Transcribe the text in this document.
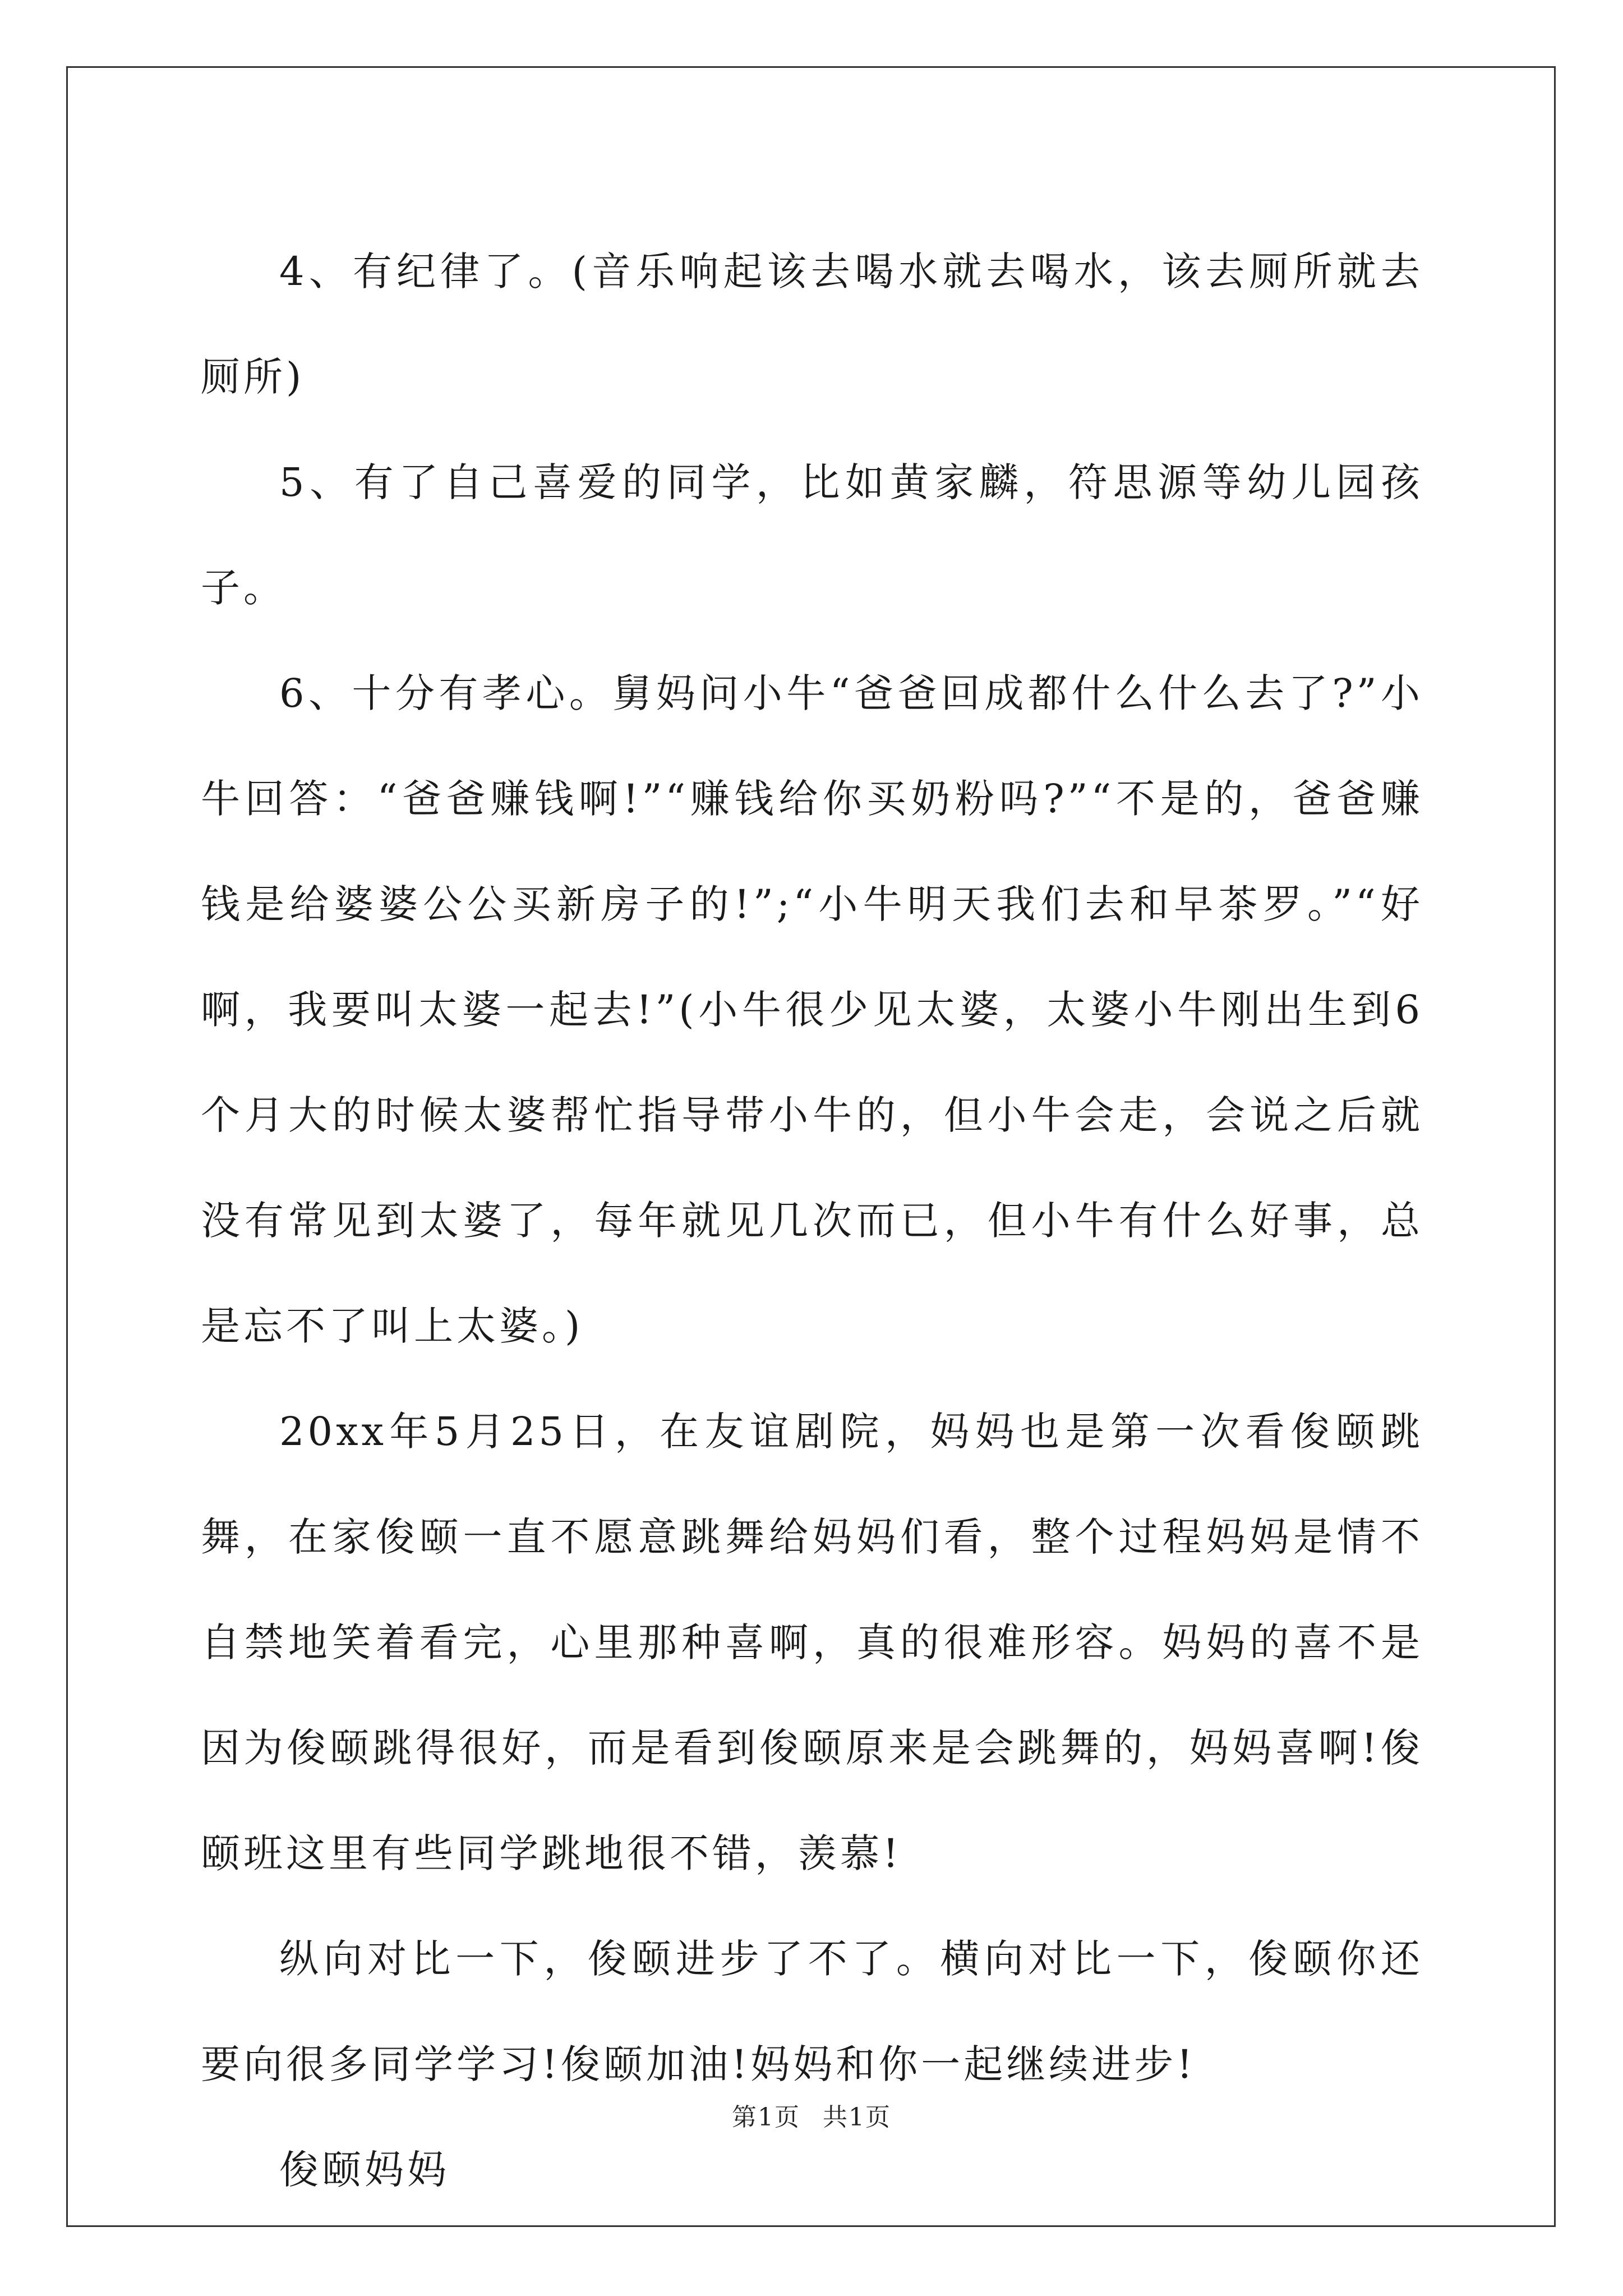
4、有纪律了。(音乐响起该去喝水就去喝水，该去厕所就去厕所)

5、有了自己喜爱的同学，比如黄家麟，符思源等幼儿园孩子。

6、十分有孝心。舅妈问小牛“爸爸回成都什么什么去了?”小牛回答：“爸爸赚钱啊!”“赚钱给你买奶粉吗?”“不是的，爸爸赚钱是给婆婆公公买新房子的!”;“小牛明天我们去和早茶罗。”“好啊，我要叫太婆一起去!”(小牛很少见太婆，太婆小牛刚出生到6个月大的时候太婆帮忙指导带小牛的，但小牛会走，会说之后就没有常见到太婆了，每年就见几次而已，但小牛有什么好事，总是忘不了叫上太婆。)

20xx年5月25日，在友谊剧院，妈妈也是第一次看俊颐跳舞，在家俊颐一直不愿意跳舞给妈妈们看，整个过程妈妈是情不自禁地笑着看完，心里那种喜啊，真的很难形容。妈妈的喜不是因为俊颐跳得很好，而是看到俊颐原来是会跳舞的，妈妈喜啊!俊颐班这里有些同学跳地很不错，羡慕!

纵向对比一下，俊颐进步了不了。横向对比一下，俊颐你还要向很多同学学习!俊颐加油!妈妈和你一起继续进步!

俊颐妈妈

第1页 共1页
